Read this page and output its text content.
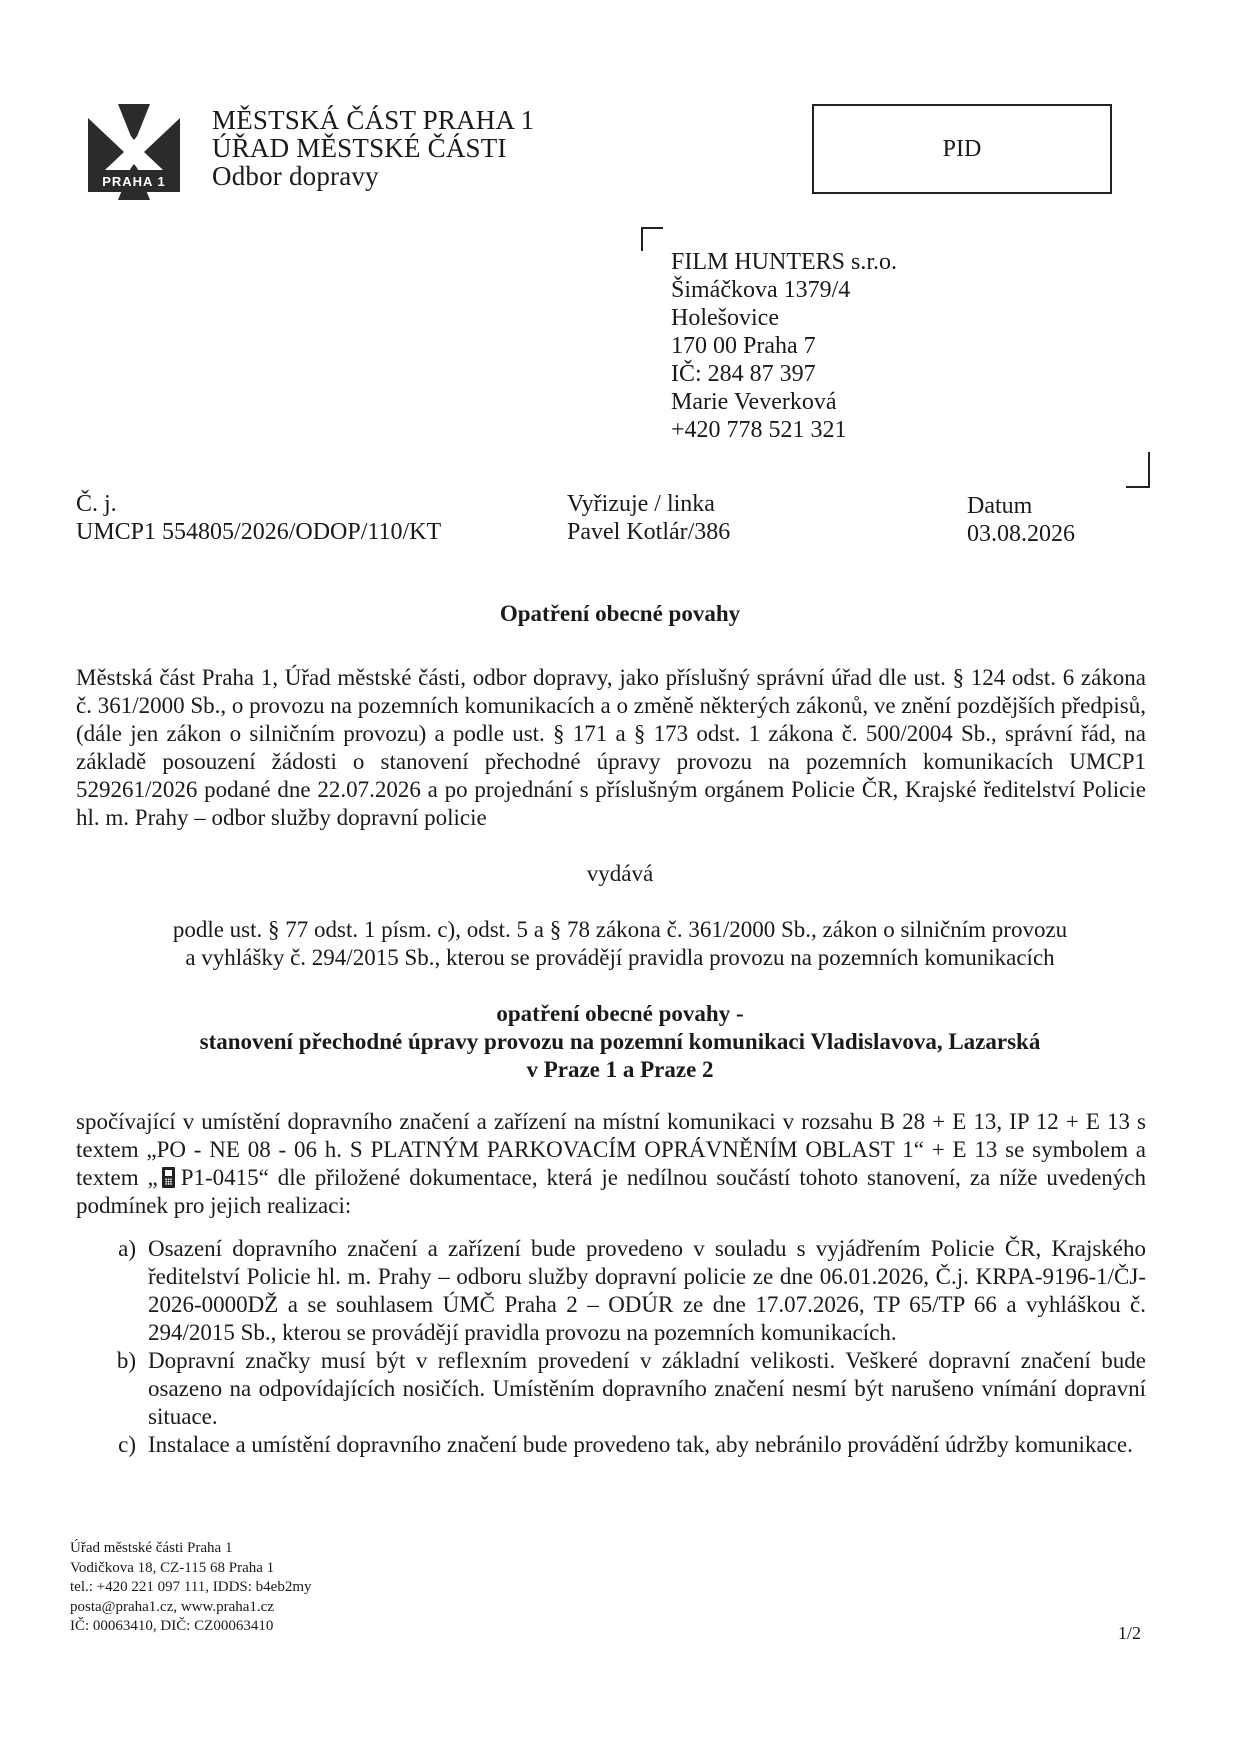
PRAHA 1
MĚSTSKÁ ČÁST PRAHA 1
ÚŘAD MĚSTSKÉ ČÁSTI
Odbor dopravy
PID
FILM HUNTERS s.r.o.
Šimáčkova 1379/4
Holešovice
170 00 Praha 7
IČ: 284 87 397
Marie Veverková
+420 778 521 321
Č. j.
UMCP1 554805/2026/ODOP/110/KT
Vyřizuje / linka
Pavel Kotlár/386
Datum
03.08.2026
Opatření obecné povahy
Městská část Praha 1, Úřad městské části, odbor dopravy, jako příslušný správní úřad dle ust. § 124 odst. 6 zákona č. 361/2000 Sb., o provozu na pozemních komunikacích a o změně některých zákonů, ve znění pozdějších předpisů, (dále jen zákon o silničním provozu) a podle ust. § 171 a § 173 odst. 1 zákona č. 500/2004 Sb., správní řád, na základě posouzení žádosti o stanovení přechodné úpravy provozu na pozemních komunikacích UMCP1 529261/2026 podané dne 22.07.2026 a po projednání s příslušným orgánem Policie ČR, Krajské ředitelství Policie hl. m. Prahy – odbor služby dopravní policie
vydává
podle ust. § 77 odst. 1 písm. c), odst. 5 a § 78 zákona č. 361/2000 Sb., zákon o silničním provozu
a vyhlášky č. 294/2015 Sb., kterou se provádějí pravidla provozu na pozemních komunikacích
opatření obecné povahy -
stanovení přechodné úpravy provozu na pozemní komunikaci Vladislavova, Lazarská
v Praze 1 a Praze 2
spočívající v umístění dopravního značení a zařízení na místní komunikaci v rozsahu B 28 + E 13, IP 12 + E 13 s textem „PO - NE 08 - 06 h. S PLATNÝM PARKOVACÍM OPRÁVNĚNÍM OBLAST 1“ + E 13 se symbolem a textem „ P1-0415“ dle přiložené dokumentace, která je nedílnou součástí tohoto stanovení, za níže uvedených podmínek pro jejich realizaci:
a) Osazení dopravního značení a zařízení bude provedeno v souladu s vyjádřením Policie ČR, Krajského ředitelství Policie hl. m. Prahy – odboru služby dopravní policie ze dne 06.01.2026, Č.j. KRPA-9196-1/ČJ-2026-0000DŽ a se souhlasem ÚMČ Praha 2 – ODÚR ze dne 17.07.2026, TP 65/TP 66 a vyhláškou č. 294/2015 Sb., kterou se provádějí pravidla provozu na pozemních komunikacích.
b) Dopravní značky musí být v reflexním provedení v základní velikosti. Veškeré dopravní značení bude osazeno na odpovídajících nosičích. Umístěním dopravního značení nesmí být narušeno vnímání dopravní situace.
c) Instalace a umístění dopravního značení bude provedeno tak, aby nebránilo provádění údržby komunikace.
Úřad městské části Praha 1
Vodičkova 18, CZ-115 68 Praha 1
tel.: +420 221 097 111, IDDS: b4eb2my
posta@praha1.cz, www.praha1.cz
IČ: 00063410, DIČ: CZ00063410	1/2
